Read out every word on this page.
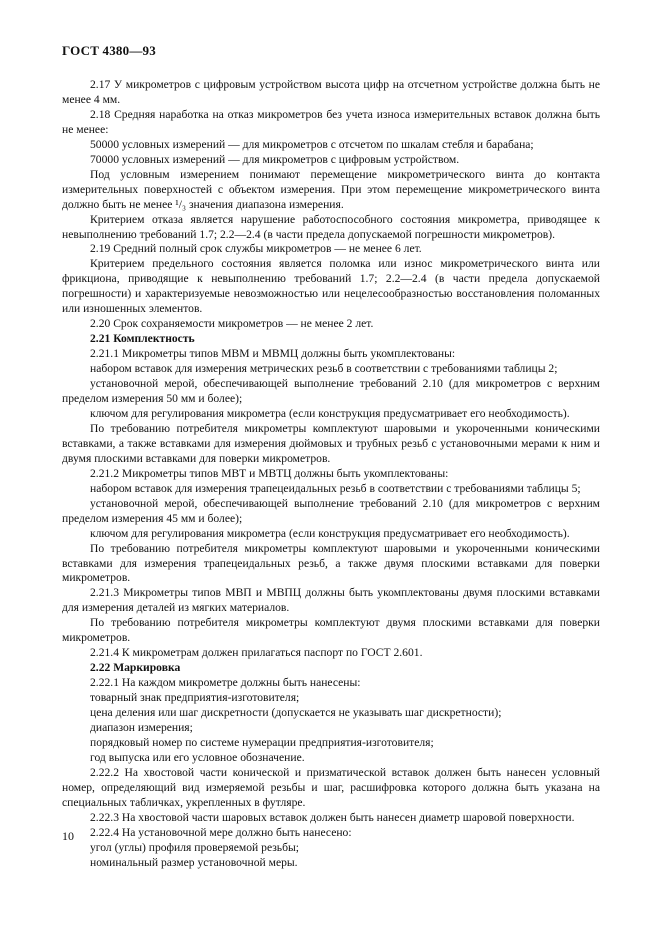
ГОСТ 4380—93

2.17 У микрометров с цифровым устройством высота цифр на отсчетном устройстве должна быть не менее 4 мм.

2.18 Средняя наработка на отказ микрометров без учета износа измерительных вставок должна быть не менее:

50000 условных измерений — для микрометров с отсчетом по шкалам стебля и барабана;

70000 условных измерений — для микрометров с цифровым устройством.

Под условным измерением понимают перемещение микрометрического винта до контакта измерительных поверхностей с объектом измерения. При этом перемещение микрометрического винта должно быть не менее ¹/₃ значения диапазона измерения.

Критерием отказа является нарушение работоспособного состояния микрометра, приводящее к невыполнению требований 1.7; 2.2—2.4 (в части предела допускаемой погрешности микрометров).

2.19 Средний полный срок службы микрометров — не менее 6 лет.

Критерием предельного состояния является поломка или износ микрометрического винта или фрикциона, приводящие к невыполнению требований 1.7; 2.2—2.4 (в части предела допускаемой погрешности) и характеризуемые невозможностью или нецелесообразностью восстановления поломанных или изношенных элементов.

2.20 Срок сохраняемости микрометров — не менее 2 лет.

2.21 Комплектность

2.21.1 Микрометры типов МВМ и МВМЦ должны быть укомплектованы:

набором вставок для измерения метрических резьб в соответствии с требованиями таблицы 2;

установочной мерой, обеспечивающей выполнение требований 2.10 (для микрометров с верхним пределом измерения 50 мм и более);

ключом для регулирования микрометра (если конструкция предусматривает его необходимость).

По требованию потребителя микрометры комплектуют шаровыми и укороченными коническими вставками, а также вставками для измерения дюймовых и трубных резьб с установочными мерами к ним и двумя плоскими вставками для поверки микрометров.

2.21.2 Микрометры типов МВТ и МВТЦ должны быть укомплектованы:

набором вставок для измерения трапецеидальных резьб в соответствии с требованиями таблицы 5;

установочной мерой, обеспечивающей выполнение требований 2.10 (для микрометров с верхним пределом измерения 45 мм и более);

ключом для регулирования микрометра (если конструкция предусматривает его необходимость).

По требованию потребителя микрометры комплектуют шаровыми и укороченными коническими вставками для измерения трапецеидальных резьб, а также двумя плоскими вставками для поверки микрометров.

2.21.3 Микрометры типов МВП и МВПЦ должны быть укомплектованы двумя плоскими вставками для измерения деталей из мягких материалов.

По требованию потребителя микрометры комплектуют двумя плоскими вставками для поверки микрометров.

2.21.4 К микрометрам должен прилагаться паспорт по ГОСТ 2.601.

2.22 Маркировка

2.22.1 На каждом микрометре должны быть нанесены:

товарный знак предприятия-изготовителя;

цена деления или шаг дискретности (допускается не указывать шаг дискретности);

диапазон измерения;

порядковый номер по системе нумерации предприятия-изготовителя;

год выпуска или его условное обозначение.

2.22.2 На хвостовой части конической и призматической вставок должен быть нанесен условный номер, определяющий вид измеряемой резьбы и шаг, расшифровка которого должна быть указана на специальных табличках, укрепленных в футляре.

2.22.3 На хвостовой части шаровых вставок должен быть нанесен диаметр шаровой поверхности.

2.22.4 На установочной мере должно быть нанесено:

угол (углы) профиля проверяемой резьбы;

номинальный размер установочной меры.

10
